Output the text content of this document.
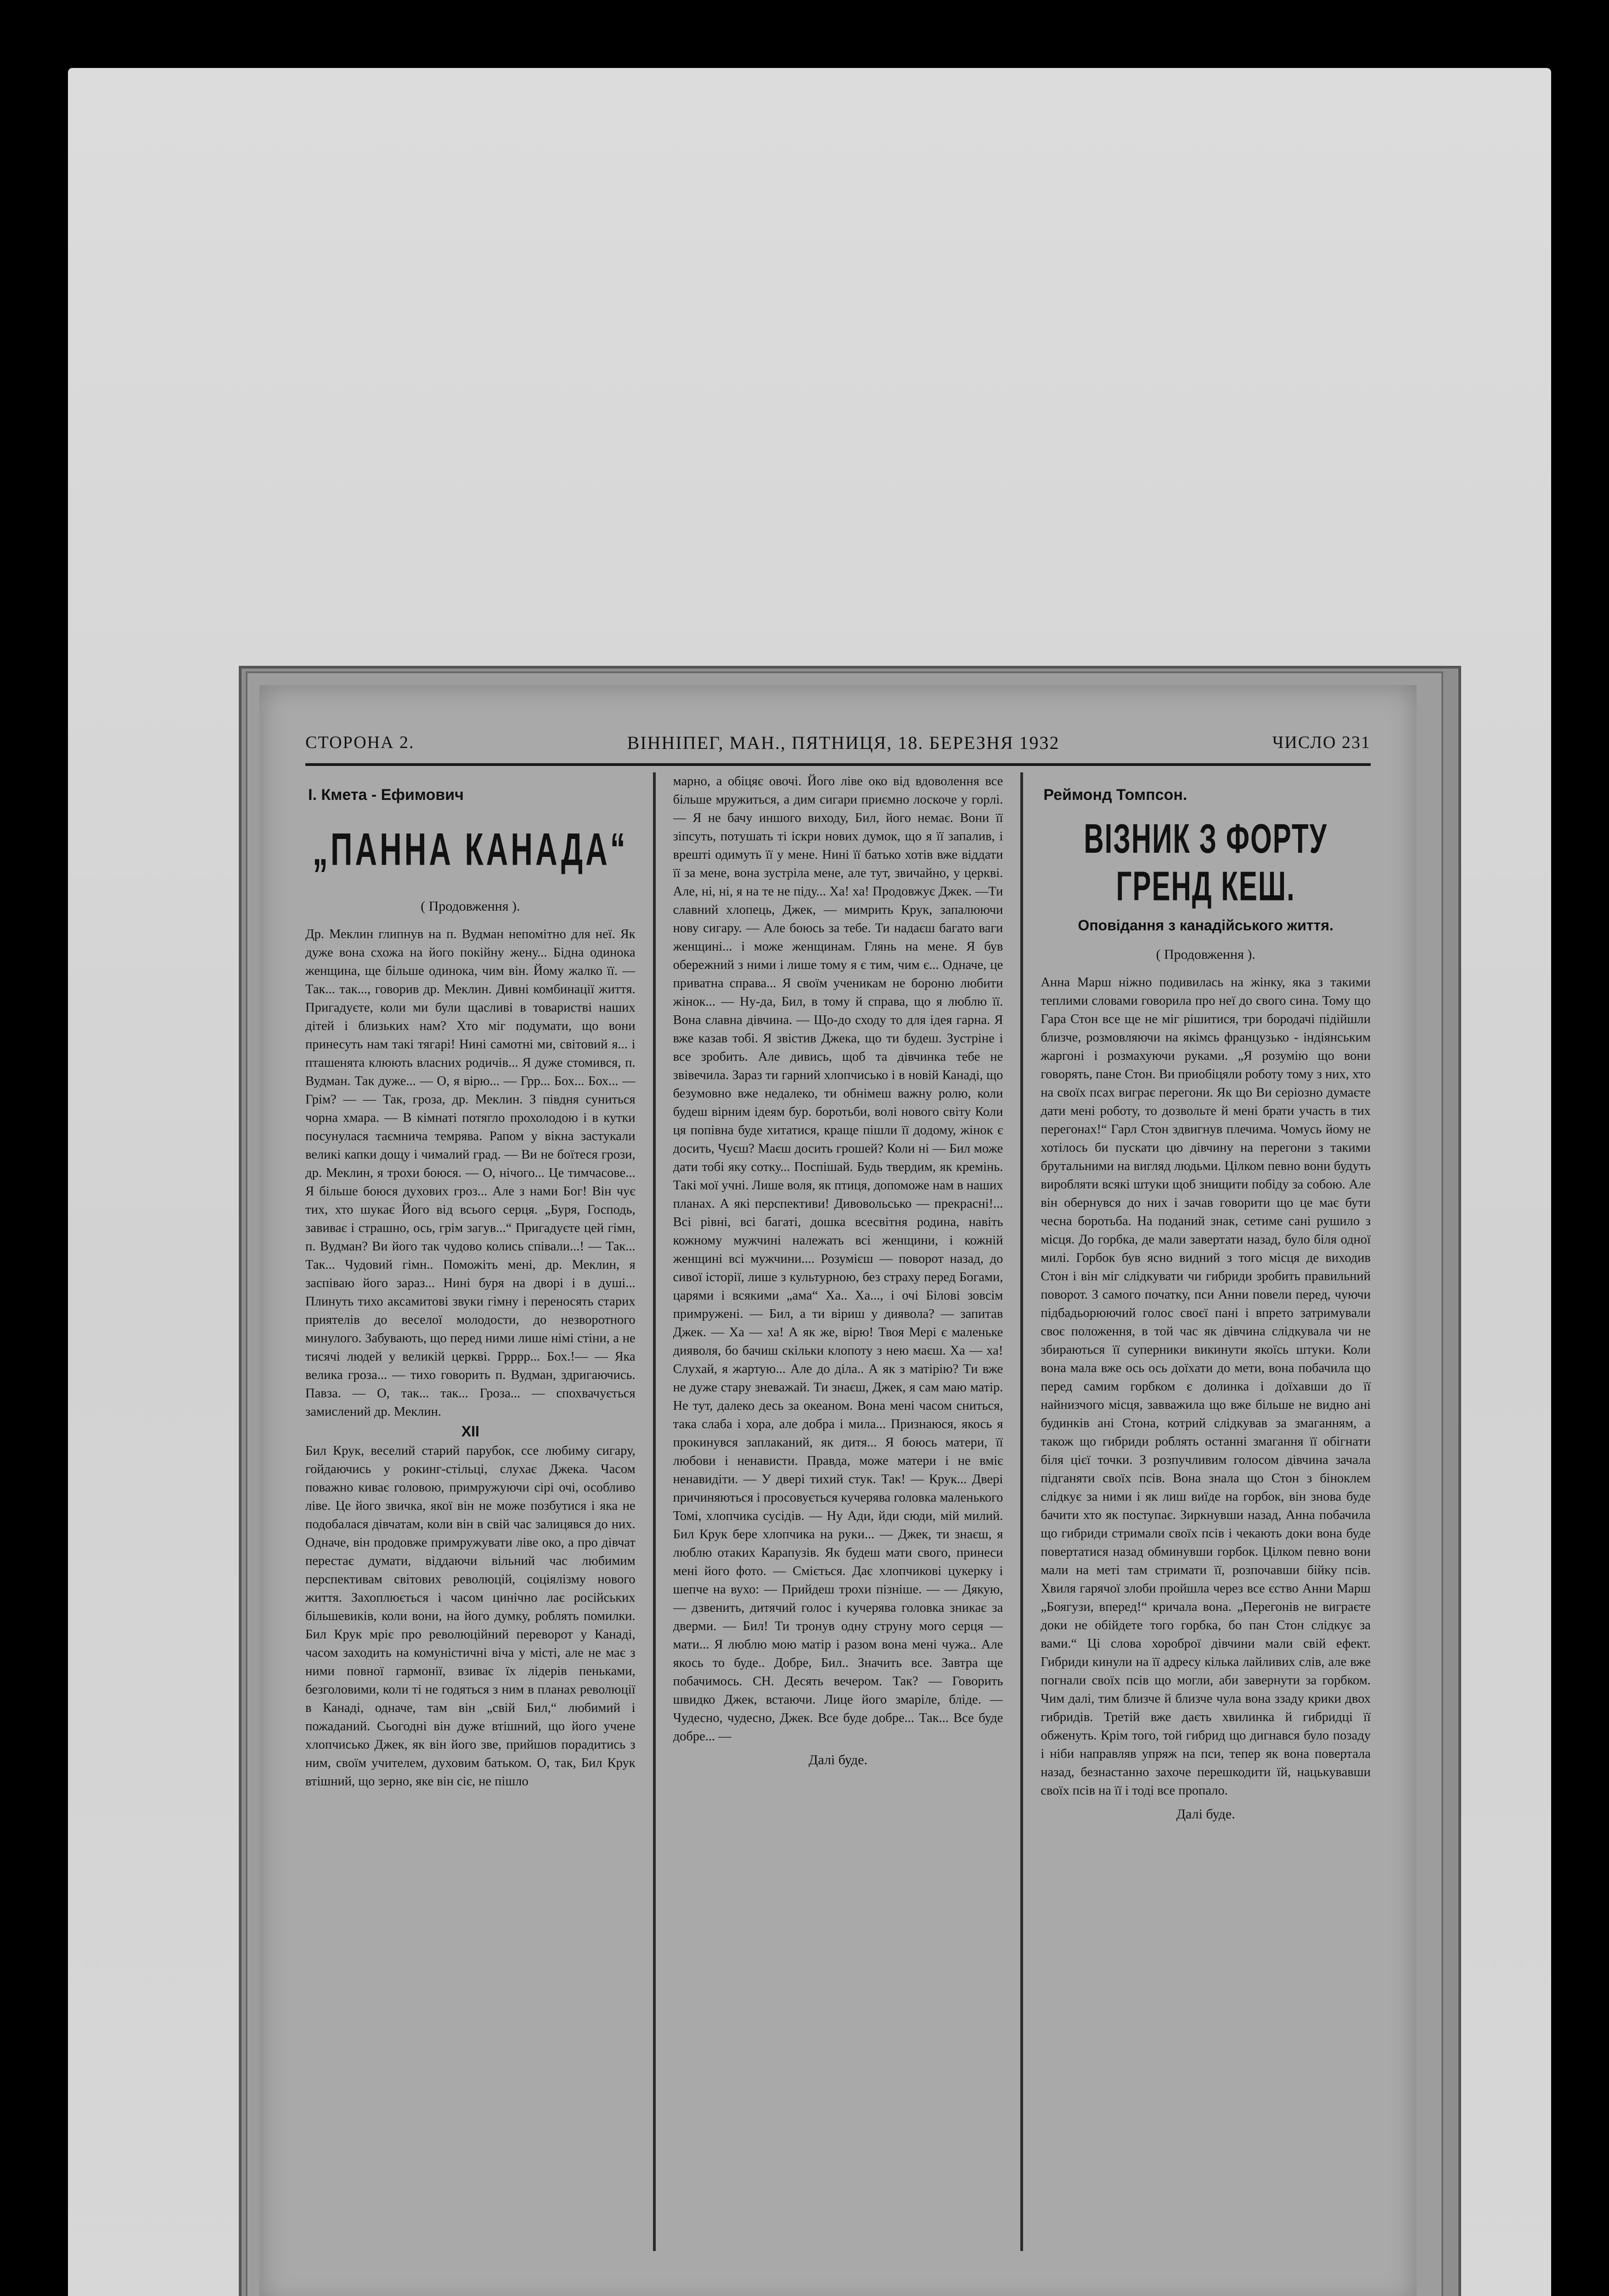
СТОРОНА 2.	ВІННІПЕГ, МАН., ПЯТНИЦЯ, 18. БЕРЕЗНЯ 1932	ЧИСЛО 231
І. Кмета - Ефимович
„ПАННА КАНАДА“
( Продовження ).

Др. Меклин глипнув на п. Вудман непомітно для неї. Як дуже вона схожа на його покійну жену... Бідна одинока женщина, ще більше одинока, чим він. Йому жалко її. — Так... так..., говорив др. Меклин. Дивні комбинації життя. Пригадуєте, коли ми були щасливі в товаристві наших дітей і близьких нам? Хто міг подумати, що вони принесуть нам такі тягарі! Нині самотні ми, світовий я... і пташенята клюють власних родичів... Я дуже стомився, п. Вудман. Так дуже... — О, я вірю... — Грр... Бох... Бох... — Грім? — — Так, гроза, др. Меклин. З півдня суниться чорна хмара. — В кімнаті потягло прохолодою і в кутки посунулася таємнича темрява. Рапом у вікна застукали великі капки дощу і чималий град. — Ви не боїтеся грози, др. Меклин, я трохи боюся. — О, нічого... Це тимчасове... Я більше боюся духових гроз... Але з нами Бог! Він чує тих, хто шукає Його від всього серця. „Буря, Господь, завиває і страшно, ось, грім загув...“ Пригадуєте цей гімн, п. Вудман? Ви його так чудово колись співали...! — Так... Так... Чудовий гімн.. Поможіть мені, др. Меклин, я заспіваю його зараз... Нині буря на дворі і в душі... Плинуть тихо аксамитові звуки гімну і переносять старих приятелів до веселої молодости, до незворотного минулого. Забувають, що перед ними лише німі стіни, а не тисячі людей у великій церкві. Грррр... Бох.!— — Яка велика гроза... — тихо говорить п. Вудман, здригаючись. Павза. — О, так... так... Гроза... — спохвачується замислений др. Меклин.

XII

Бил Крук, веселий старий парубок, ссе любиму сигару, гойдаючись у рокинг-стільці, слухає Джека. Часом поважно киває головою, примружуючи сірі очі, особливо ліве. Це його звичка, якої він не може позбутися і яка не подобалася дівчатам, коли він в свій час залицявся до них. Одначе, він продовже примружувати ліве око, а про дівчат перестає думати, віддаючи вільний час любимим перспективам світових революцій, соціялізму нового життя. Захоплюється і часом цинічно лає російських більшевиків, коли вони, на його думку, роблять помилки. Бил Крук мріє про революційний переворот у Канаді, часом заходить на комуністичні віча у місті, але не має з ними повної гармонії, взиває їх лідерів пеньками, безголовими, коли ті не годяться з ним в планах революції в Канаді, одначе, там він „свій Бил,“ любимий і пожаданий. Сьогодні він дуже втішний, що його учене хлопчисько Джек, як він його зве, прийшов порадитись з ним, своїм учителем, духовим батьком. О, так, Бил Крук втішний, що зерно, яке він сіє, не пішло

марно, а обіцяє овочі. Його ліве око від вдоволення все більше мружиться, а дим сигари приємно лоскоче у горлі. — Я не бачу иншого виходу, Бил, його немає. Вони її зіпсуть, потушать ті іскри нових думок, що я її запалив, і врешті одимуть її у мене. Нині її батько хотів вже віддати її за мене, вона зустріла мене, але тут, звичайно, у церкві. Але, ні, ні, я на те не піду... Ха! ха! Продовжує Джек. —Ти славний хлопець, Джек, — мимрить Крук, запалюючи нову сигару. — Але боюсь за тебе. Ти надаєш багато ваги женщині... і може женщинам. Глянь на мене. Я був обережний з ними і лише тому я є тим, чим є... Одначе, це приватна справа... Я своїм ученикам не бороню любити жінок... — Ну-да, Бил, в тому й справа, що я люблю її. Вона славна дівчина. — Що-до сходу то для ідея гарна. Я вже казав тобі. Я звістив Джека, що ти будеш. Зустріне і все зробить. Але дивись, щоб та дівчинка тебе не звівечила. Зараз ти гарний хлопчисько і в новій Канаді, що безумовно вже недалеко, ти обнімеш важну ролю, коли будеш вірним ідеям бур. боротьби, волі нового світу Коли ця попівна буде хитатися, краще пішли її додому, жінок є досить, Чуєш? Маєш досить грошей? Коли ні — Бил може дати тобі яку сотку... Поспішай. Будь твердим, як кремінь. Такі мої учні. Лише воля, як птиця, допоможе нам в наших планах. А які перспективи! Дивовольсько — прекрасні!... Всі рівні, всі багаті, дошка всесвітня родина, навіть кожному мужчині належать всі женщини, і кожній женщині всі мужчини.... Розумієш — поворот назад, до сивої історії, лише з культурною, без страху перед Богами, царями і всякими „ама“ Ха.. Ха..., і очі Білові зовсім примружені. — Бил, а ти віриш у диявола? — запитав Джек. — Ха — ха! А як же, вірю! Твоя Мері є маленьке дияволя, бо бачиш скільки клопоту з нею маєш. Ха — ха! Слухай, я жартую... Але до діла.. А як з матірію? Ти вже не дуже стару зневажай. Ти знаєш, Джек, я сам маю матір. Не тут, далеко десь за океаном. Вона мені часом сниться, така слаба і хора, але добра і мила... Признаюся, якось я прокинувся заплаканий, як дитя... Я боюсь матери, її любови і ненависти. Правда, може матери і не вміє ненавидіти. — У двері тихий стук. Так! — Крук... Двері причиняються і просовується кучерява головка маленького Томі, хлопчика сусідів. — Ну Ади, йди сюди, мій милий. Бил Крук бере хлопчика на руки... — Джек, ти знаєш, я люблю отаких Карапузів. Як будеш мати свого, принеси мені його фото. — Сміється. Дає хлопчикові цукерку і шепче на вухо: — Прийдеш трохи пізніше. — — Дякую, — дзвенить, дитячий голос і кучерява головка зникає за дверми. — Бил! Ти тронув одну струну мого серця — мати... Я люблю мою матір і разом вона мені чужа.. Але якось то буде.. Добре, Бил.. Значить все. Завтра ще побачимось. СН. Десять вечером. Так? — Говорить швидко Джек, встаючи. Лице його змаріле, бліде. — Чудесно, чудесно, Джек. Все буде добре... Так... Все буде добре... —

Далі буде.
Реймонд Томпсон.
ВІЗНИК З ФОРТУ ГРЕНД КЕШ.
Оповідання з канадійського життя.
( Продовження ).

Анна Марш ніжно подивилась на жінку, яка з такими теплими словами говорила про неї до свого сина. Тому що Гара Стон все ще не міг рішитися, три бородачі підійшли близче, розмовляючи на якімсь французько - індіянським жаргоні і розмахуючи руками. „Я розумію що вони говорять, пане Стон. Ви приобіцяли роботу тому з них, хто на своїх псах виграє перегони. Як що Ви серіозно думаєте дати мені роботу, то дозвольте й мені брати участь в тих перегонах!“ Гарл Стон здвигнув плечима. Чомусь йому не хотілось би пускати цю дівчину на перегони з такими брутальними на вигляд людьми. Цілком певно вони будуть виробляти всякі штуки щоб знищити побіду за собою. Але він обернувся до них і зачав говорити що це має бути чесна боротьба. На поданий знак, сетиме сані рушило з місця. До горбка, де мали завертати назад, було біля одної милі. Горбок був ясно видний з того місця де виходив Стон і він міг слідкувати чи гибриди зробить правильний поворот. З самого початку, пси Анни повели перед, чуючи підбадьорюючий голос своєї пані і впрето затримували своє положення, в той час як дівчина слідкувала чи не збираються її суперники викинути якоїсь штуки. Коли вона мала вже ось ось доїхати до мети, вона побачила що перед самим горбком є долинка і доїхавши до її найнизчого місця, завважила що вже більше не видно ані будинків ані Стона, котрий слідкував за змаганням, а також що гибриди роблять останні змагання її обігнати біля цієї точки. З розпучливим голосом дівчина зачала підганяти своїх псів. Вона знала що Стон з біноклем слідкує за ними і як лиш виїде на горбок, він знова буде бачити хто як поступає. Зиркнувши назад, Анна побачила що гибриди стримали своїх псів і чекають доки вона буде повертатися назад обминувши горбок. Цілком певно вони мали на меті там стримати її, розпочавши бійку псів. Хвиля гарячої злоби пройшла через все єство Анни Марш „Боягузи, вперед!“ кричала вона. „Перегонів не виграєте доки не обійдете того горбка, бо пан Стон слідкує за вами.“ Ці слова хороброї дівчини мали свій ефект. Гибриди кинули на її адресу кілька лайливих слів, але вже погнали своїх псів що могли, аби завернути за горбком. Чим далі, тим близче й близче чула вона ззаду крики двох гибридів. Третій вже даєть хвилинка й гибридці її обженуть. Крім того, той гибрид що дигнався було позаду і ніби направляв упряж на пси, тепер як вона повертала назад, безнастанно захоче перешкодити їй, нацькувавши своїх псів на її і тоді все пропало.

Далі буде.
